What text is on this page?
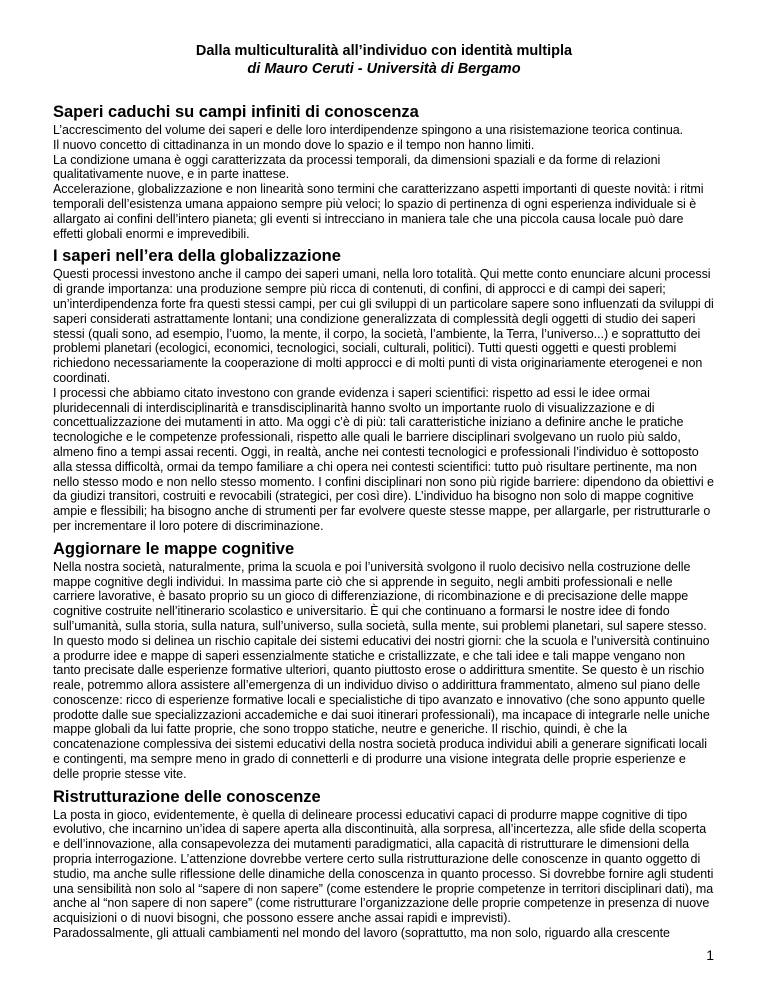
Dalla multiculturalità all’individuo con identità multipla
di Mauro Ceruti - Università di Bergamo
Saperi caduchi su campi infiniti di conoscenza

L’accrescimento del volume dei saperi e delle loro interdipendenze spingono a una risistemazione teorica continua.

Il nuovo concetto di cittadinanza in un mondo dove lo spazio e il tempo non hanno limiti.

La condizione umana è oggi caratterizzata da processi temporali, da dimensioni spaziali e da forme di relazioni qualitativamente nuove, e in parte inattese.

Accelerazione, globalizzazione e non linearità sono termini che caratterizzano aspetti importanti di queste novità: i ritmi temporali dell’esistenza umana appaiono sempre più veloci; lo spazio di pertinenza di ogni esperienza individuale si è allargato ai confini dell’intero pianeta; gli eventi si intrecciano in maniera tale che una piccola causa locale può dare effetti globali enormi e imprevedibili.

I saperi nell’era della globalizzazione

Questi processi investono anche il campo dei saperi umani, nella loro totalità. Qui mette conto enunciare alcuni processi di grande importanza: una produzione sempre più ricca di contenuti, di confini, di approcci e di campi dei saperi; un’interdipendenza forte fra questi stessi campi, per cui gli sviluppi di un particolare sapere sono influenzati da sviluppi di saperi considerati astrattamente lontani; una condizione generalizzata di complessità degli oggetti di studio dei saperi stessi (quali sono, ad esempio, l’uomo, la mente, il corpo, la società, l’ambiente, la Terra, l’universo...) e soprattutto dei problemi planetari (ecologici, economici, tecnologici, sociali, culturali, politici). Tutti questi oggetti e questi problemi richiedono necessariamente la cooperazione di molti approcci e di molti punti di vista originariamente eterogenei e non coordinati.

I processi che abbiamo citato investono con grande evidenza i saperi scientifici: rispetto ad essi le idee ormai pluridecennali di interdisciplinarità e transdisciplinarità hanno svolto un importante ruolo di visualizzazione e di concettualizzazione dei mutamenti in atto. Ma oggi c’è di più: tali caratteristiche iniziano a definire anche le pratiche tecnologiche e le competenze professionali, rispetto alle quali le barriere disciplinari svolgevano un ruolo più saldo, almeno fino a tempi assai recenti. Oggi, in realtà, anche nei contesti tecnologici e professionali l’individuo è sottoposto alla stessa difficoltà, ormai da tempo familiare a chi opera nei contesti scientifici: tutto può risultare pertinente, ma non nello stesso modo e non nello stesso momento. I confini disciplinari non sono più rigide barriere: dipendono da obiettivi e da giudizi transitori, costruiti e revocabili (strategici, per così dire). L’individuo ha bisogno non solo di mappe cognitive ampie e flessibili; ha bisogno anche di strumenti per far evolvere queste stesse mappe, per allargarle, per ristrutturarle o per incrementare il loro potere di discriminazione.

Aggiornare le mappe cognitive

Nella nostra società, naturalmente, prima la scuola e poi l’università svolgono il ruolo decisivo nella costruzione delle mappe cognitive degli individui. In massima parte ciò che si apprende in seguito, negli ambiti professionali e nelle carriere lavorative, è basato proprio su un gioco di differenziazione, di ricombinazione e di precisazione delle mappe cognitive costruite nell’itinerario scolastico e universitario. È qui che continuano a formarsi le nostre idee di fondo sull’umanità, sulla storia, sulla natura, sull’universo, sulla società, sulla mente, sui problemi planetari, sul sapere stesso. In questo modo si delinea un rischio capitale dei sistemi educativi dei nostri giorni: che la scuola e l’università continuino a produrre idee e mappe di saperi essenzialmente statiche e cristallizzate, e che tali idee e tali mappe vengano non tanto precisate dalle esperienze formative ulteriori, quanto piuttosto erose o addirittura smentite. Se questo è un rischio reale, potremmo allora assistere all’emergenza di un individuo diviso o addirittura frammentato, almeno sul piano delle conoscenze: ricco di esperienze formative locali e specialistiche di tipo avanzato e innovativo (che sono appunto quelle prodotte dalle sue specializzazioni accademiche e dai suoi itinerari professionali), ma incapace di integrarle nelle uniche mappe globali da lui fatte proprie, che sono troppo statiche, neutre e generiche. Il rischio, quindi, è che la concatenazione complessiva dei sistemi educativi della nostra società produca individui abili a generare significati locali e contingenti, ma sempre meno in grado di connetterli e di produrre una visione integrata delle proprie esperienze e delle proprie stesse vite.

Ristrutturazione delle conoscenze

La posta in gioco, evidentemente, è quella di delineare processi educativi capaci di produrre mappe cognitive di tipo evolutivo, che incarnino un’idea di sapere aperta alla discontinuità, alla sorpresa, all’incertezza, alle sfide della scoperta e dell’innovazione, alla consapevolezza dei mutamenti paradigmatici, alla capacità di ristrutturare le dimensioni della propria interrogazione. L’attenzione dovrebbe vertere certo sulla ristrutturazione delle conoscenze in quanto oggetto di studio, ma anche sulle riflessione delle dinamiche della conoscenza in quanto processo. Si dovrebbe fornire agli studenti una sensibilità non solo al “sapere di non sapere” (come estendere le proprie competenze in territori disciplinari dati), ma anche al “non sapere di non sapere” (come ristrutturare l’organizzazione delle proprie competenze in presenza di nuove acquisizioni o di nuovi bisogni, che possono essere anche assai rapidi e imprevisti).

Paradossalmente, gli attuali cambiamenti nel mondo del lavoro (soprattutto, ma non solo, riguardo alla crescente

1
